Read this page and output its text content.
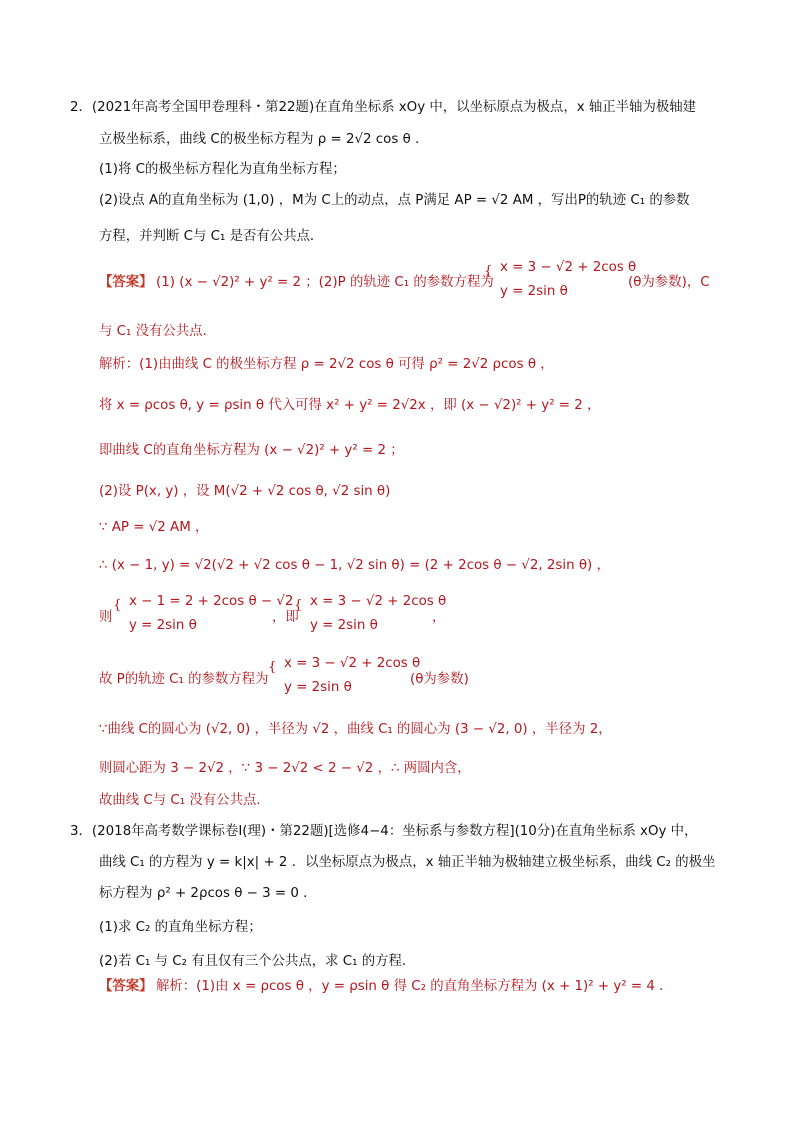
2．(2021年高考全国甲卷理科・第22题)在直角坐标系 xOy 中，以坐标原点为极点，x 轴正半轴为极轴建
立极坐标系，曲线 C的极坐标方程为 ρ = 2√2 cos θ .
(1)将 C的极坐标方程化为直角坐标方程；
(2)设点 A的直角坐标为 (1,0) ，M为 C上的动点，点 P满足 AP = √2 AM ，写出P的轨迹 C₁ 的参数
方程，并判断 C与 C₁ 是否有公共点．
【答案】 (1) (x − √2)² + y² = 2 ；(2)P 的轨迹 C₁ 的参数方程为
{ x = 3 − √2 + 2cos θ
y = 2sin θ
(θ为参数)，C
与 C₁ 没有公共点．
解析：(1)由曲线 C 的极坐标方程 ρ = 2√2 cos θ 可得 ρ² = 2√2 ρcos θ ，
将 x = ρcos θ, y = ρsin θ 代入可得 x² + y² = 2√2x ，即 (x − √2)² + y² = 2 ，
即曲线 C的直角坐标方程为 (x − √2)² + y² = 2 ；
(2)设 P(x, y) ，设 M(√2 + √2 cos θ, √2 sin θ)
∵ AP = √2 AM ，
∴ (x − 1, y) = √2(√2 + √2 cos θ − 1, √2 sin θ) = (2 + 2cos θ − √2, 2sin θ) ，
则
{ x − 1 = 2 + 2cos θ − √2
y = 2sin θ
，即
{ x = 3 − √2 + 2cos θ
y = 2sin θ
，
故 P的轨迹 C₁ 的参数方程为
{ x = 3 − √2 + 2cos θ
y = 2sin θ
(θ为参数)
∵曲线 C的圆心为 (√2, 0) ，半径为 √2 ，曲线 C₁ 的圆心为 (3 − √2, 0) ，半径为 2，
则圆心距为 3 − 2√2 ，∵ 3 − 2√2 < 2 − √2 ，∴ 两圆内含，
故曲线 C与 C₁ 没有公共点．
3．(2018年高考数学课标卷Ⅰ(理)・第22题)[选修4−4：坐标系与参数方程](10分)在直角坐标系 xOy 中，
曲线 C₁ 的方程为 y = k|x| + 2 ．以坐标原点为极点，x 轴正半轴为极轴建立极坐标系，曲线 C₂ 的极坐
标方程为 ρ² + 2ρcos θ − 3 = 0 ．
(1)求 C₂ 的直角坐标方程；
(2)若 C₁ 与 C₂ 有且仅有三个公共点，求 C₁ 的方程．
【答案】 解析：(1)由 x = ρcos θ ，y = ρsin θ 得 C₂ 的直角坐标方程为 (x + 1)² + y² = 4 ．
